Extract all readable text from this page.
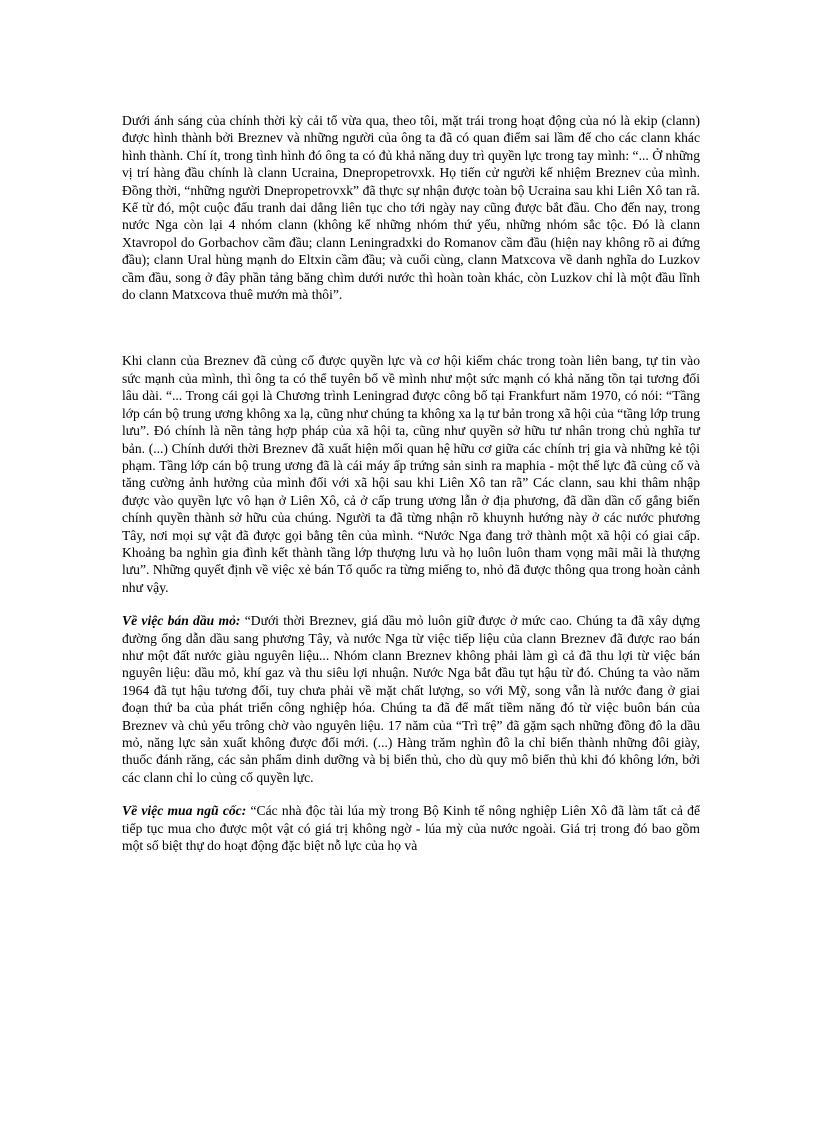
Dưới ánh sáng của chính thời kỳ cải tổ vừa qua, theo tôi, mặt trái trong hoạt động của nó là ekip (clann) được hình thành bởi Breznev và những người của ông ta đã có quan điểm sai lầm để cho các clann khác hình thành. Chí ít, trong tình hình đó ông ta có đủ khả năng duy trì quyền lực trong tay mình: “... Ở những vị trí hàng đầu chính là clann Ucraina, Dnepropetrovxk. Họ tiến cử người kế nhiệm Breznev của mình. Đồng thời, “những người Dnepropetrovxk” đã thực sự nhận được toàn bộ Ucraina sau khi Liên Xô tan rã. Kể từ đó, một cuộc đấu tranh dai dẳng liên tục cho tới ngày nay cũng được bắt đầu. Cho đến nay, trong nước Nga còn lại 4 nhóm clann (không kể những nhóm thứ yếu, những nhóm sắc tộc. Đó là clann Xtavropol do Gorbachov cầm đầu; clann Leningradxki do Romanov cầm đầu (hiện nay không rõ ai đứng đầu); clann Ural hùng mạnh do Eltxin cầm đầu; và cuối cùng, clann Matxcova về danh nghĩa do Luzkov cầm đầu, song ở đây phần tảng băng chìm dưới nước thì hoàn toàn khác, còn Luzkov chỉ là một đầu lĩnh do clann Matxcova thuê mướn mà thôi”.

Khi clann của Breznev đã củng cố được quyền lực và cơ hội kiếm chác trong toàn liên bang, tự tin vào sức mạnh của mình, thì ông ta có thể tuyên bố về mình như một sức mạnh có khả năng tồn tại tương đối lâu dài. “... Trong cái gọi là Chương trình Leningrad được công bố tại Frankfurt năm 1970, có nói: “Tầng lớp cán bộ trung ương không xa lạ, cũng như chúng ta không xa lạ tư bản trong xã hội của “tầng lớp trung lưu”. Đó chính là nền tảng hợp pháp của xã hội ta, cũng như quyền sở hữu tư nhân trong chủ nghĩa tư bản. (...) Chính dưới thời Breznev đã xuất hiện mối quan hệ hữu cơ giữa các chính trị gia và những kẻ tội phạm. Tầng lớp cán bộ trung ương đã là cái máy ấp trứng sản sinh ra maphia - một thế lực đã củng cố và tăng cường ảnh hưởng của mình đối với xã hội sau khi Liên Xô tan rã” Các clann, sau khi thâm nhập được vào quyền lực vô hạn ở Liên Xô, cả ở cấp trung ương lẫn ở địa phương, đã dần dần cố gắng biến chính quyền thành sở hữu của chúng. Người ta đã từng nhận rõ khuynh hướng này ở các nước phương Tây, nơi mọi sự vật đã được gọi bằng tên của mình. “Nước Nga đang trở thành một xã hội có giai cấp. Khoảng ba nghìn gia đình kết thành tầng lớp thượng lưu và họ luôn luôn tham vọng mãi mãi là thượng lưu”. Những quyết định về việc xẻ bán Tổ quốc ra từng miếng to, nhỏ đã được thông qua trong hoàn cảnh như vậy.

Về việc bán dầu mỏ: “Dưới thời Breznev, giá dầu mỏ luôn giữ được ở mức cao. Chúng ta đã xây dựng đường ống dẫn dầu sang phương Tây, và nước Nga từ việc tiếp liệu của clann Breznev đã được rao bán như một đất nước giàu nguyên liệu... Nhóm clann Breznev không phải làm gì cả đã thu lợi từ việc bán nguyên liệu: dầu mỏ, khí gaz và thu siêu lợi nhuận. Nước Nga bắt đầu tụt hậu từ đó. Chúng ta vào năm 1964 đã tụt hậu tương đối, tuy chưa phải về mặt chất lượng, so với Mỹ, song vẫn là nước đang ở giai đoạn thứ ba của phát triển công nghiệp hóa. Chúng ta đã để mất tiềm năng đó từ việc buôn bán của Breznev và chủ yếu trông chờ vào nguyên liệu. 17 năm của “Trì trệ” đã gặm sạch những đồng đô la dầu mỏ, năng lực sản xuất không được đổi mới. (...) Hàng trăm nghìn đô la chỉ biến thành những đôi giày, thuốc đánh răng, các sản phẩm dinh dưỡng và bị biển thủ, cho dù quy mô biển thủ khi đó không lớn, bởi các clann chỉ lo củng cố quyền lực.

Về việc mua ngũ cốc: “Các nhà độc tài lúa mỳ trong Bộ Kinh tế nông nghiệp Liên Xô đã làm tất cả để tiếp tục mua cho được một vật có giá trị không ngờ - lúa mỳ của nước ngoài. Giá trị trong đó bao gồm một số biệt thự do hoạt động đặc biệt nỗ lực của họ và
